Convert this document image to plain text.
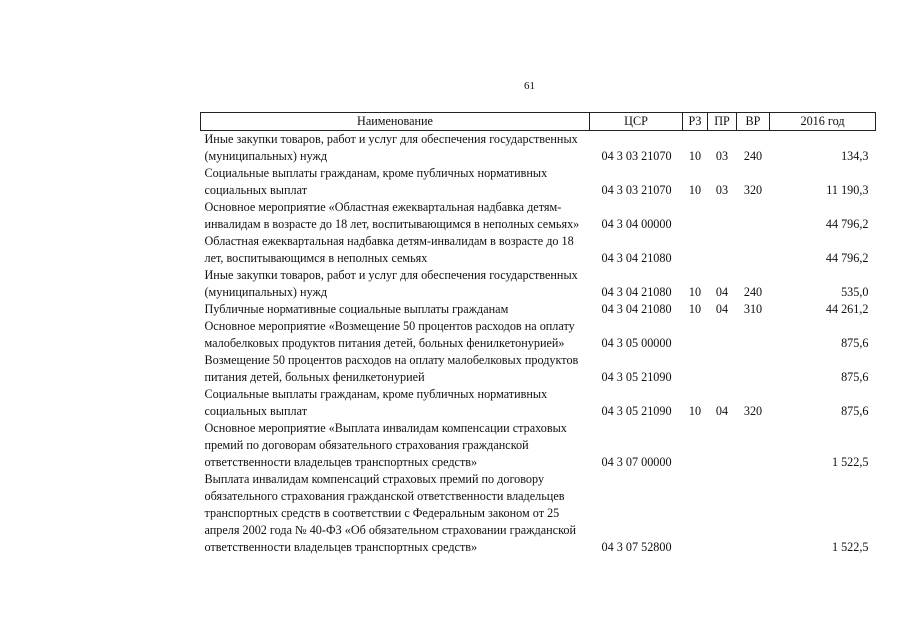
61
Наименование	ЦСР	РЗ	ПР	ВР	2016 год
Иные закупки товаров, работ и услуг для обеспечения государственных (муниципальных) нужд	04 3 03 21070	10	03	240	134,3
Социальные выплаты гражданам, кроме публичных нормативных социальных выплат	04 3 03 21070	10	03	320	11 190,3
Основное мероприятие «Областная ежеквартальная надбавка детям-инвалидам в возрасте до 18 лет, воспитывающимся в неполных семьях»	04 3 04 00000				44 796,2
Областная ежеквартальная надбавка детям-инвалидам в возрасте до 18 лет, воспитывающимся в неполных семьях	04 3 04 21080				44 796,2
Иные закупки товаров, работ и услуг для обеспечения государственных (муниципальных) нужд	04 3 04 21080	10	04	240	535,0
Публичные нормативные социальные выплаты гражданам	04 3 04 21080	10	04	310	44 261,2
Основное мероприятие «Возмещение 50 процентов расходов на оплату малобелковых продуктов питания детей, больных фенилкетонурией»	04 3 05 00000				875,6
Возмещение 50 процентов расходов на оплату малобелковых продуктов питания детей, больных фенилкетонурией	04 3 05 21090				875,6
Социальные выплаты гражданам, кроме публичных нормативных социальных выплат	04 3 05 21090	10	04	320	875,6
Основное мероприятие «Выплата инвалидам компенсации страховых премий по договорам обязательного страхования гражданской ответственности владельцев транспортных средств»	04 3 07 00000				1 522,5
Выплата инвалидам компенсаций страховых премий по договору обязательного страхования гражданской ответственности владельцев транспортных средств в соответствии с Федеральным законом от 25 апреля 2002 года № 40-ФЗ «Об обязательном страховании гражданской ответственности владельцев транспортных средств»	04 3 07 52800				1 522,5
